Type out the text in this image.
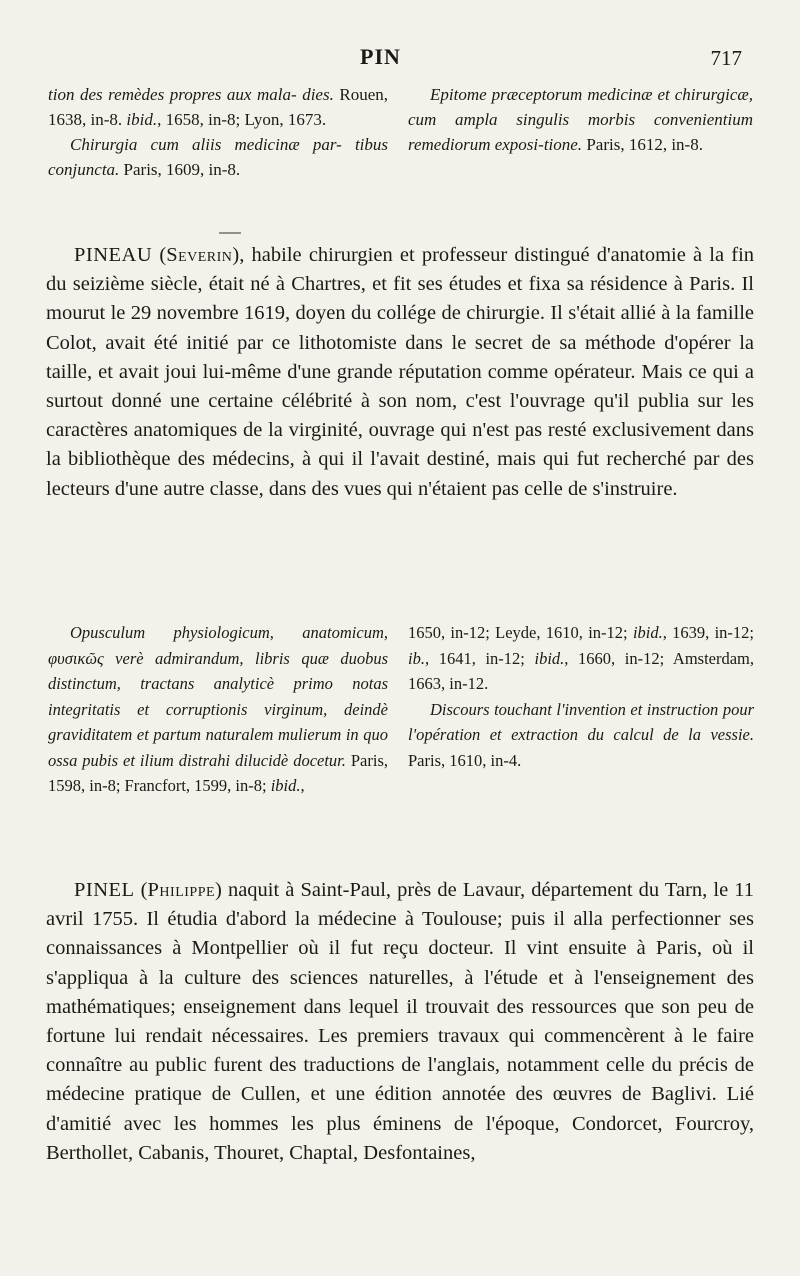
PIN	717

tion des remèdes propres aux mala- dies. Rouen, 1638, in-8. ibid., 1658, in-8; Lyon, 1673.

Chirurgia cum aliis medicinæ par- tibus conjuncta. Paris, 1609, in-8.

Epitome præceptorum medicinæ et chirurgicæ, cum ampla singulis morbis convenientium remediorum exposi-tione. Paris, 1612, in-8.

PINEAU (Severin), habile chirurgien et professeur distingué d'anatomie à la fin du seizième siècle, était né à Chartres, et fit ses études et fixa sa résidence à Paris. Il mourut le 29 novembre 1619, doyen du collége de chirurgie. Il s'était allié à la famille Colot, avait été initié par ce lithotomiste dans le secret de sa méthode d'opérer la taille, et avait joui lui-même d'une grande réputation comme opérateur. Mais ce qui a surtout donné une certaine célébrité à son nom, c'est l'ouvrage qu'il publia sur les caractères anatomiques de la virginité, ouvrage qui n'est pas resté exclusivement dans la bibliothèque des médecins, à qui il l'avait destiné, mais qui fut recherché par des lecteurs d'une autre classe, dans des vues qui n'étaient pas celle de s'instruire.

Opusculum physiologicum, anatomicum, φυσικῶς verè admirandum, libris quæ duobus distinctum, tractans analyticè primo notas integritatis et corruptionis virginum, deindè graviditatem et partum naturalem mulierum in quo ossa pubis et ilium distrahi dilucidè docetur. Paris, 1598, in-8; Francfort, 1599, in-8; ibid.,

1650, in-12; Leyde, 1610, in-12; ibid., 1639, in-12; ib., 1641, in-12; ibid., 1660, in-12; Amsterdam, 1663, in-12.

Discours touchant l'invention et instruction pour l'opération et extraction du calcul de la vessie. Paris, 1610, in-4.

PINEL (Philippe) naquit à Saint-Paul, près de Lavaur, département du Tarn, le 11 avril 1755. Il étudia d'abord la médecine à Toulouse; puis il alla perfectionner ses connaissances à Montpellier où il fut reçu docteur. Il vint ensuite à Paris, où il s'appliqua à la culture des sciences naturelles, à l'étude et à l'enseignement des mathématiques; enseignement dans lequel il trouvait des ressources que son peu de fortune lui rendait nécessaires. Les premiers travaux qui commencèrent à le faire connaître au public furent des traductions de l'anglais, notamment celle du précis de médecine pratique de Cullen, et une édition annotée des œuvres de Baglivi. Lié d'amitié avec les hommes les plus éminens de l'époque, Condorcet, Fourcroy, Berthollet, Cabanis, Thouret, Chaptal, Desfontaines,
